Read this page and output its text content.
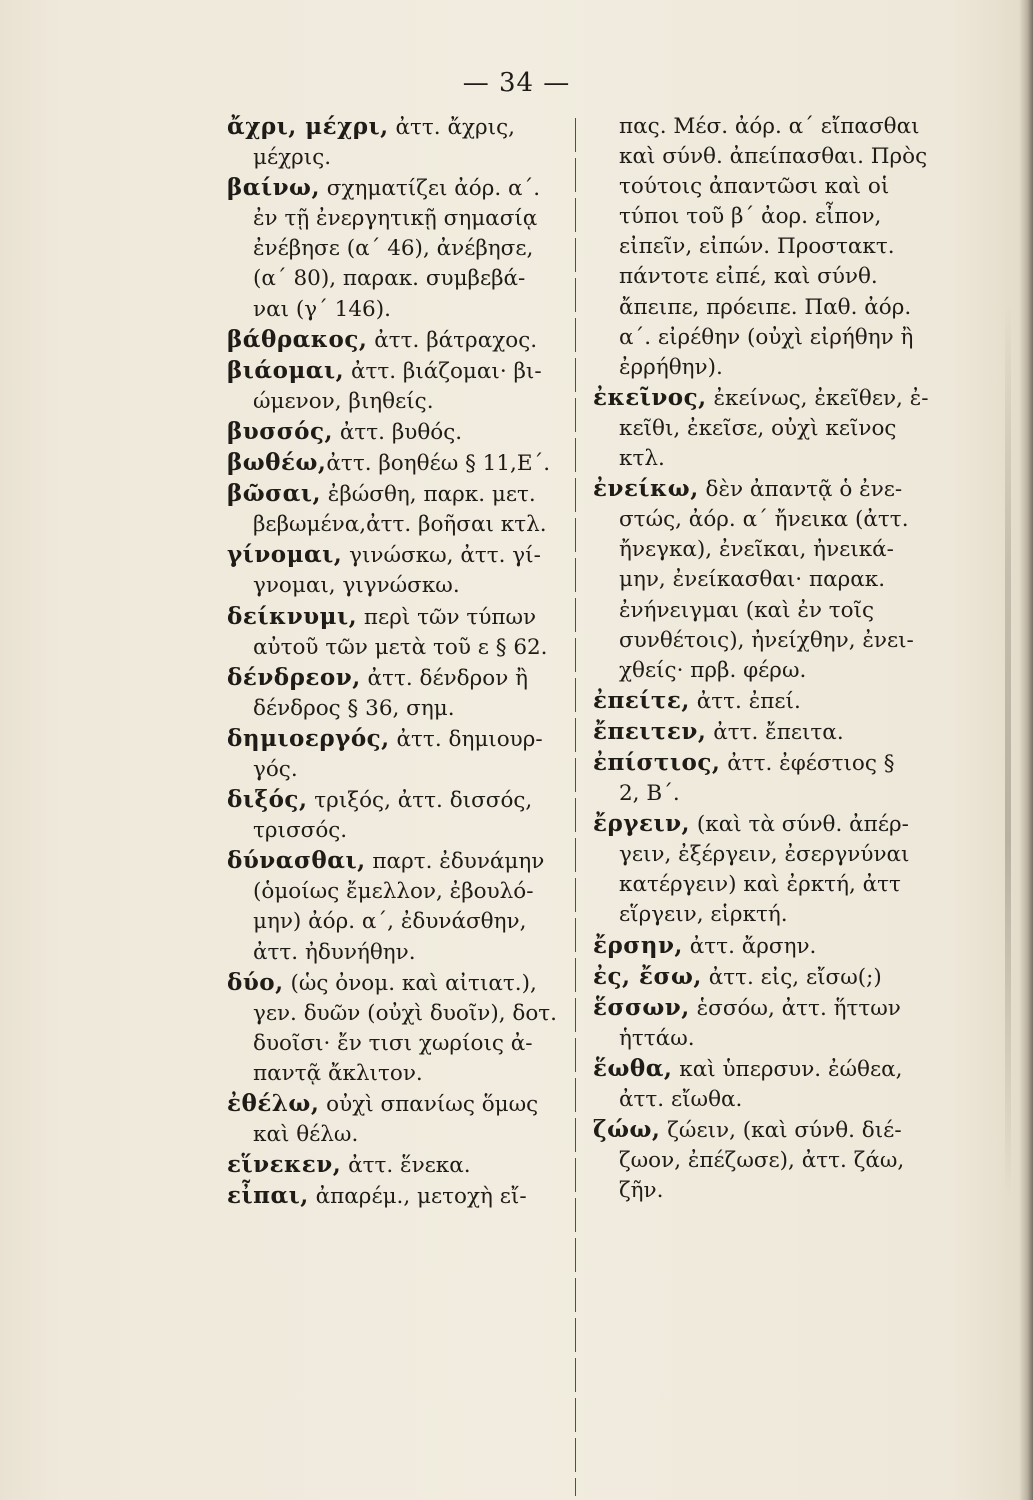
— 34 —
ἄχρι, μέχρι, ἀττ. ἄχρις,
μέχρις.
βαίνω, σχηματίζει ἀόρ. α΄.
ἐν τῇ ἐνεργητικῇ σημασίᾳ
ἐνέβησε (α΄ 46), ἀνέβησε,
(α΄ 80), παρακ. συμβεβά-
ναι (γ΄ 146).
βάθρακος, ἀττ. βάτραχος.
βιάομαι, ἀττ. βιάζομαι· βι-
ώμενον, βιηθείς.
βυσσός, ἀττ. βυθός.
βωθέω,ἀττ. βοηθέω § 11,Ε΄.
βῶσαι, ἐβώσθη, παρκ. μετ.
βεβωμένα,ἀττ. βοῆσαι κτλ.
γίνομαι, γινώσκω, ἀττ. γί-
γνομαι, γιγνώσκω.
δείκνυμι, περὶ τῶν τύπων
αὐτοῦ τῶν μετὰ τοῦ ε § 62.
δένδρεον, ἀττ. δένδρον ἢ
δένδρος § 36, σημ.
δημιοεργός, ἀττ. δημιουρ-
γός.
διξός, τριξός, ἀττ. δισσός,
τρισσός.
δύνασθαι, παρτ. ἐδυνάμην
(ὁμοίως ἔμελλον, ἐβουλό-
μην) ἀόρ. α΄, ἐδυνάσθην,
ἀττ. ἠδυνήθην.
δύο, (ὡς ὀνομ. καὶ αἰτιατ.),
γεν. δυῶν (οὐχὶ δυοῖν), δοτ.
δυοῖσι· ἔν τισι χωρίοις ἀ-
παντᾷ ἄκλιτον.
ἐθέλω, οὐχὶ σπανίως ὅμως
καὶ θέλω.
εἵνεκεν, ἀττ. ἕνεκα.
εἶπαι, ἀπαρέμ., μετοχὴ εἴ-
πας. Μέσ. ἀόρ. α΄ εἴπασθαι
καὶ σύνθ. ἀπείπασθαι. Πρὸς
τούτοις ἀπαντῶσι καὶ οἱ
τύποι τοῦ β΄ ἀορ. εἶπον,
εἰπεῖν, εἰπών. Προστακτ.
πάντοτε εἰπέ, καὶ σύνθ.
ἄπειπε, πρόειπε. Παθ. ἀόρ.
α΄. εἰρέθην (οὐχὶ εἰρήθην ἢ
ἐρρήθην).
ἐκεῖνος, ἐκείνως, ἐκεῖθεν, ἐ-
κεῖθι, ἐκεῖσε, οὐχὶ κεῖνος
κτλ.
ἐνείκω, δὲν ἀπαντᾷ ὁ ἐνε-
στώς, ἀόρ. α΄ ἤνεικα (ἀττ.
ἤνεγκα), ἐνεῖκαι, ἠνεικά-
μην, ἐνείκασθαι· παρακ.
ἐνήνειγμαι (καὶ ἐν τοῖς
συνθέτοις), ἠνείχθην, ἐνει-
χθείς· πρβ. φέρω.
ἐπείτε, ἀττ. ἐπεί.
ἔπειτεν, ἀττ. ἔπειτα.
ἐπίστιος, ἀττ. ἐφέστιος §
2, Β΄.
ἔργειν, (καὶ τὰ σύνθ. ἀπέρ-
γειν, ἐξέργειν, ἐσεργνύναι
κατέργειν) καὶ ἐρκτή, ἀττ
εἵργειν, εἱρκτή.
ἔρσην, ἀττ. ἄρσην.
ἐς, ἔσω, ἀττ. εἰς, εἴσω(;)
ἕσσων, ἑσσόω, ἀττ. ἥττων
ἡττάω.
ἕωθα, καὶ ὑπερσυν. ἐώθεα,
ἀττ. εἴωθα.
ζώω, ζώειν, (καὶ σύνθ. διέ-
ζωον, ἐπέζωσε), ἀττ. ζάω,
ζῆν.
